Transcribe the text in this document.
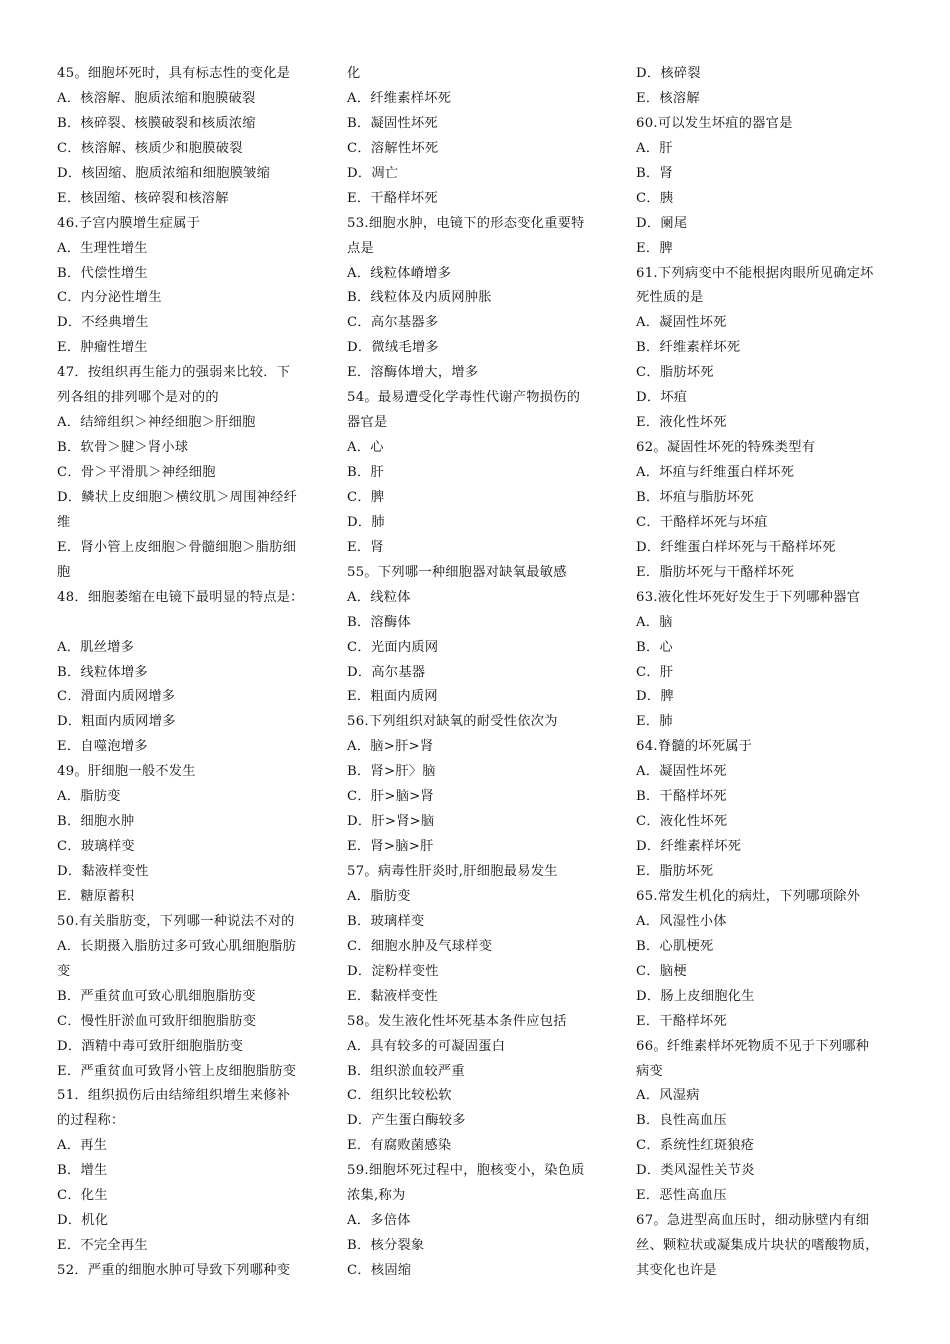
45。细胞坏死时，具有标志性的变化是
A．核溶解、胞质浓缩和胞膜破裂
B．核碎裂、核膜破裂和核质浓缩
C．核溶解、核质少和胞膜破裂
D．核固缩、胞质浓缩和细胞膜皱缩
E．核固缩、核碎裂和核溶解
46.子宫内膜增生症属于
A．生理性增生
B．代偿性增生
C．内分泌性增生
D．不经典增生
E．肿瘤性增生
47．按组织再生能力的强弱来比较．下
列各组的排列哪个是对的的
A．结缔组织＞神经细胞＞肝细胞
B．软骨＞腱＞肾小球
C．骨＞平滑肌＞神经细胞
D．鳞状上皮细胞＞横纹肌＞周围神经纤
维
E．肾小管上皮细胞＞骨髓细胞＞脂肪细
胞
48．细胞萎缩在电镜下最明显的特点是：
A．肌丝增多
B．线粒体增多
C．滑面内质网增多
D．粗面内质网增多
E．自噬泡增多
49。肝细胞一般不发生
A．脂肪变
B．细胞水肿
C．玻璃样变
D．黏液样变性
E．糖原蓄积
50.有关脂肪变，下列哪一种说法不对的
A．长期摄入脂肪过多可致心肌细胞脂肪
变
B．严重贫血可致心肌细胞脂肪变
C．慢性肝淤血可致肝细胞脂肪变
D．酒精中毒可致肝细胞脂肪变
E．严重贫血可致肾小管上皮细胞脂肪变
51．组织损伤后由结缔组织增生来修补
的过程称：
A．再生
B．增生
C．化生
D．机化
E．不完全再生
52．严重的细胞水肿可导致下列哪种变
化
A．纤维素样坏死
B．凝固性坏死
C．溶解性坏死
D．凋亡
E．干酪样坏死
53.细胞水肿，电镜下的形态变化重要特
点是
A．线粒体嵴增多
B．线粒体及内质网肿胀
C．高尔基器多
D．微绒毛增多
E．溶酶体增大，增多
54。最易遭受化学毒性代谢产物损伤的
器官是
A．心
B．肝
C．脾
D．肺
E．肾
55。下列哪一种细胞器对缺氧最敏感
A．线粒体
B．溶酶体
C．光面内质网
D．高尔基器
E．粗面内质网
56.下列组织对缺氧的耐受性依次为
A．脑>肝>肾
B．肾>肝〉脑
C．肝>脑>肾
D．肝>肾>脑
E．肾>脑>肝
57。病毒性肝炎时,肝细胞最易发生
A．脂肪变
B．玻璃样变
C．细胞水肿及气球样变
D．淀粉样变性
E．黏液样变性
58。发生液化性坏死基本条件应包括
A．具有较多的可凝固蛋白
B．组织淤血较严重
C．组织比较松软
D．产生蛋白酶较多
E．有腐败菌感染
59.细胞坏死过程中，胞核变小，染色质
浓集,称为
A．多倍体
B．核分裂象
C．核固缩
D．核碎裂
E．核溶解
60.可以发生坏疽的器官是
A．肝
B．肾
C．胰
D．阑尾
E．脾
61.下列病变中不能根据肉眼所见确定坏
死性质的是
A．凝固性坏死
B．纤维素样坏死
C．脂肪坏死
D．坏疽
E．液化性坏死
62。凝固性坏死的特殊类型有
A．坏疽与纤维蛋白样坏死
B．坏疽与脂肪坏死
C．干酪样坏死与坏疽
D．纤维蛋白样坏死与干酪样坏死
E．脂肪坏死与干酪样坏死
63.液化性坏死好发生于下列哪种器官
A．脑
B．心
C．肝
D．脾
E．肺
64.脊髓的坏死属于
A．凝固性坏死
B．干酪样坏死
C．液化性坏死
D．纤维素样坏死
E．脂肪坏死
65.常发生机化的病灶，下列哪项除外
A．风湿性小体
B．心肌梗死
C．脑梗
D．肠上皮细胞化生
E．干酪样坏死
66。纤维素样坏死物质不见于下列哪种
病变
A．风湿病
B．良性高血压
C．系统性红斑狼疮
D．类风湿性关节炎
E．恶性高血压
67。急进型高血压时，细动脉壁内有细
丝、颗粒状或凝集成片块状的嗜酸物质，
其变化也许是
